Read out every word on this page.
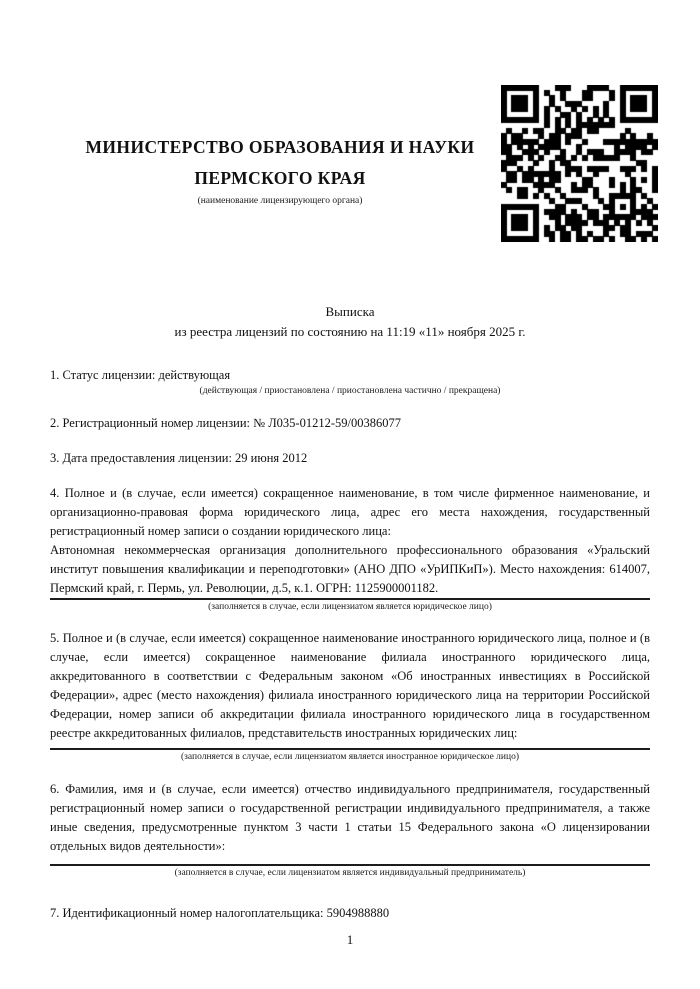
МИНИСТЕРСТВО ОБРАЗОВАНИЯ И НАУКИ
ПЕРМСКОГО КРАЯ

(наименование лицензирующего органа)

Выписка
из реестра лицензий по состоянию на 11:19 «11» ноября 2025 г.

1. Статус лицензии: действующая

(действующая / приостановлена / приостановлена частично / прекращена)

2. Регистрационный номер лицензии: № Л035-01212-59/00386077

3. Дата предоставления лицензии: 29 июня 2012

4. Полное и (в случае, если имеется) сокращенное наименование, в том числе фирменное наименование, и организационно-правовая форма юридического лица, адрес его места нахождения, государственный регистрационный номер записи о создании юридического лица:

Автономная некоммерческая организация дополнительного профессионального образования «Уральский институт повышения квалификации и переподготовки» (АНО ДПО «УрИПКиП»). Место нахождения: 614007, Пермский край, г. Пермь, ул. Революции, д.5, к.1. ОГРН: 1125900001182.

(заполняется в случае, если лицензиатом является юридическое лицо)

5. Полное и (в случае, если имеется) сокращенное наименование иностранного юридического лица, полное и (в случае, если имеется) сокращенное наименование филиала иностранного юридического лица, аккредитованного в соответствии с Федеральным законом «Об иностранных инвестициях в Российской Федерации», адрес (место нахождения) филиала иностранного юридического лица на территории Российской Федерации, номер записи об аккредитации филиала иностранного юридического лица в государственном реестре аккредитованных филиалов, представительств иностранных юридических лиц:

(заполняется в случае, если лицензиатом является иностранное юридическое лицо)

6. Фамилия, имя и (в случае, если имеется) отчество индивидуального предпринимателя, государственный регистрационный номер записи о государственной регистрации индивидуального предпринимателя, а также иные сведения, предусмотренные пунктом 3 части 1 статьи 15 Федерального закона «О лицензировании отдельных видов деятельности»:

(заполняется в случае, если лицензиатом является индивидуальный предприниматель)

7. Идентификационный номер налогоплательщика: 5904988880

1
